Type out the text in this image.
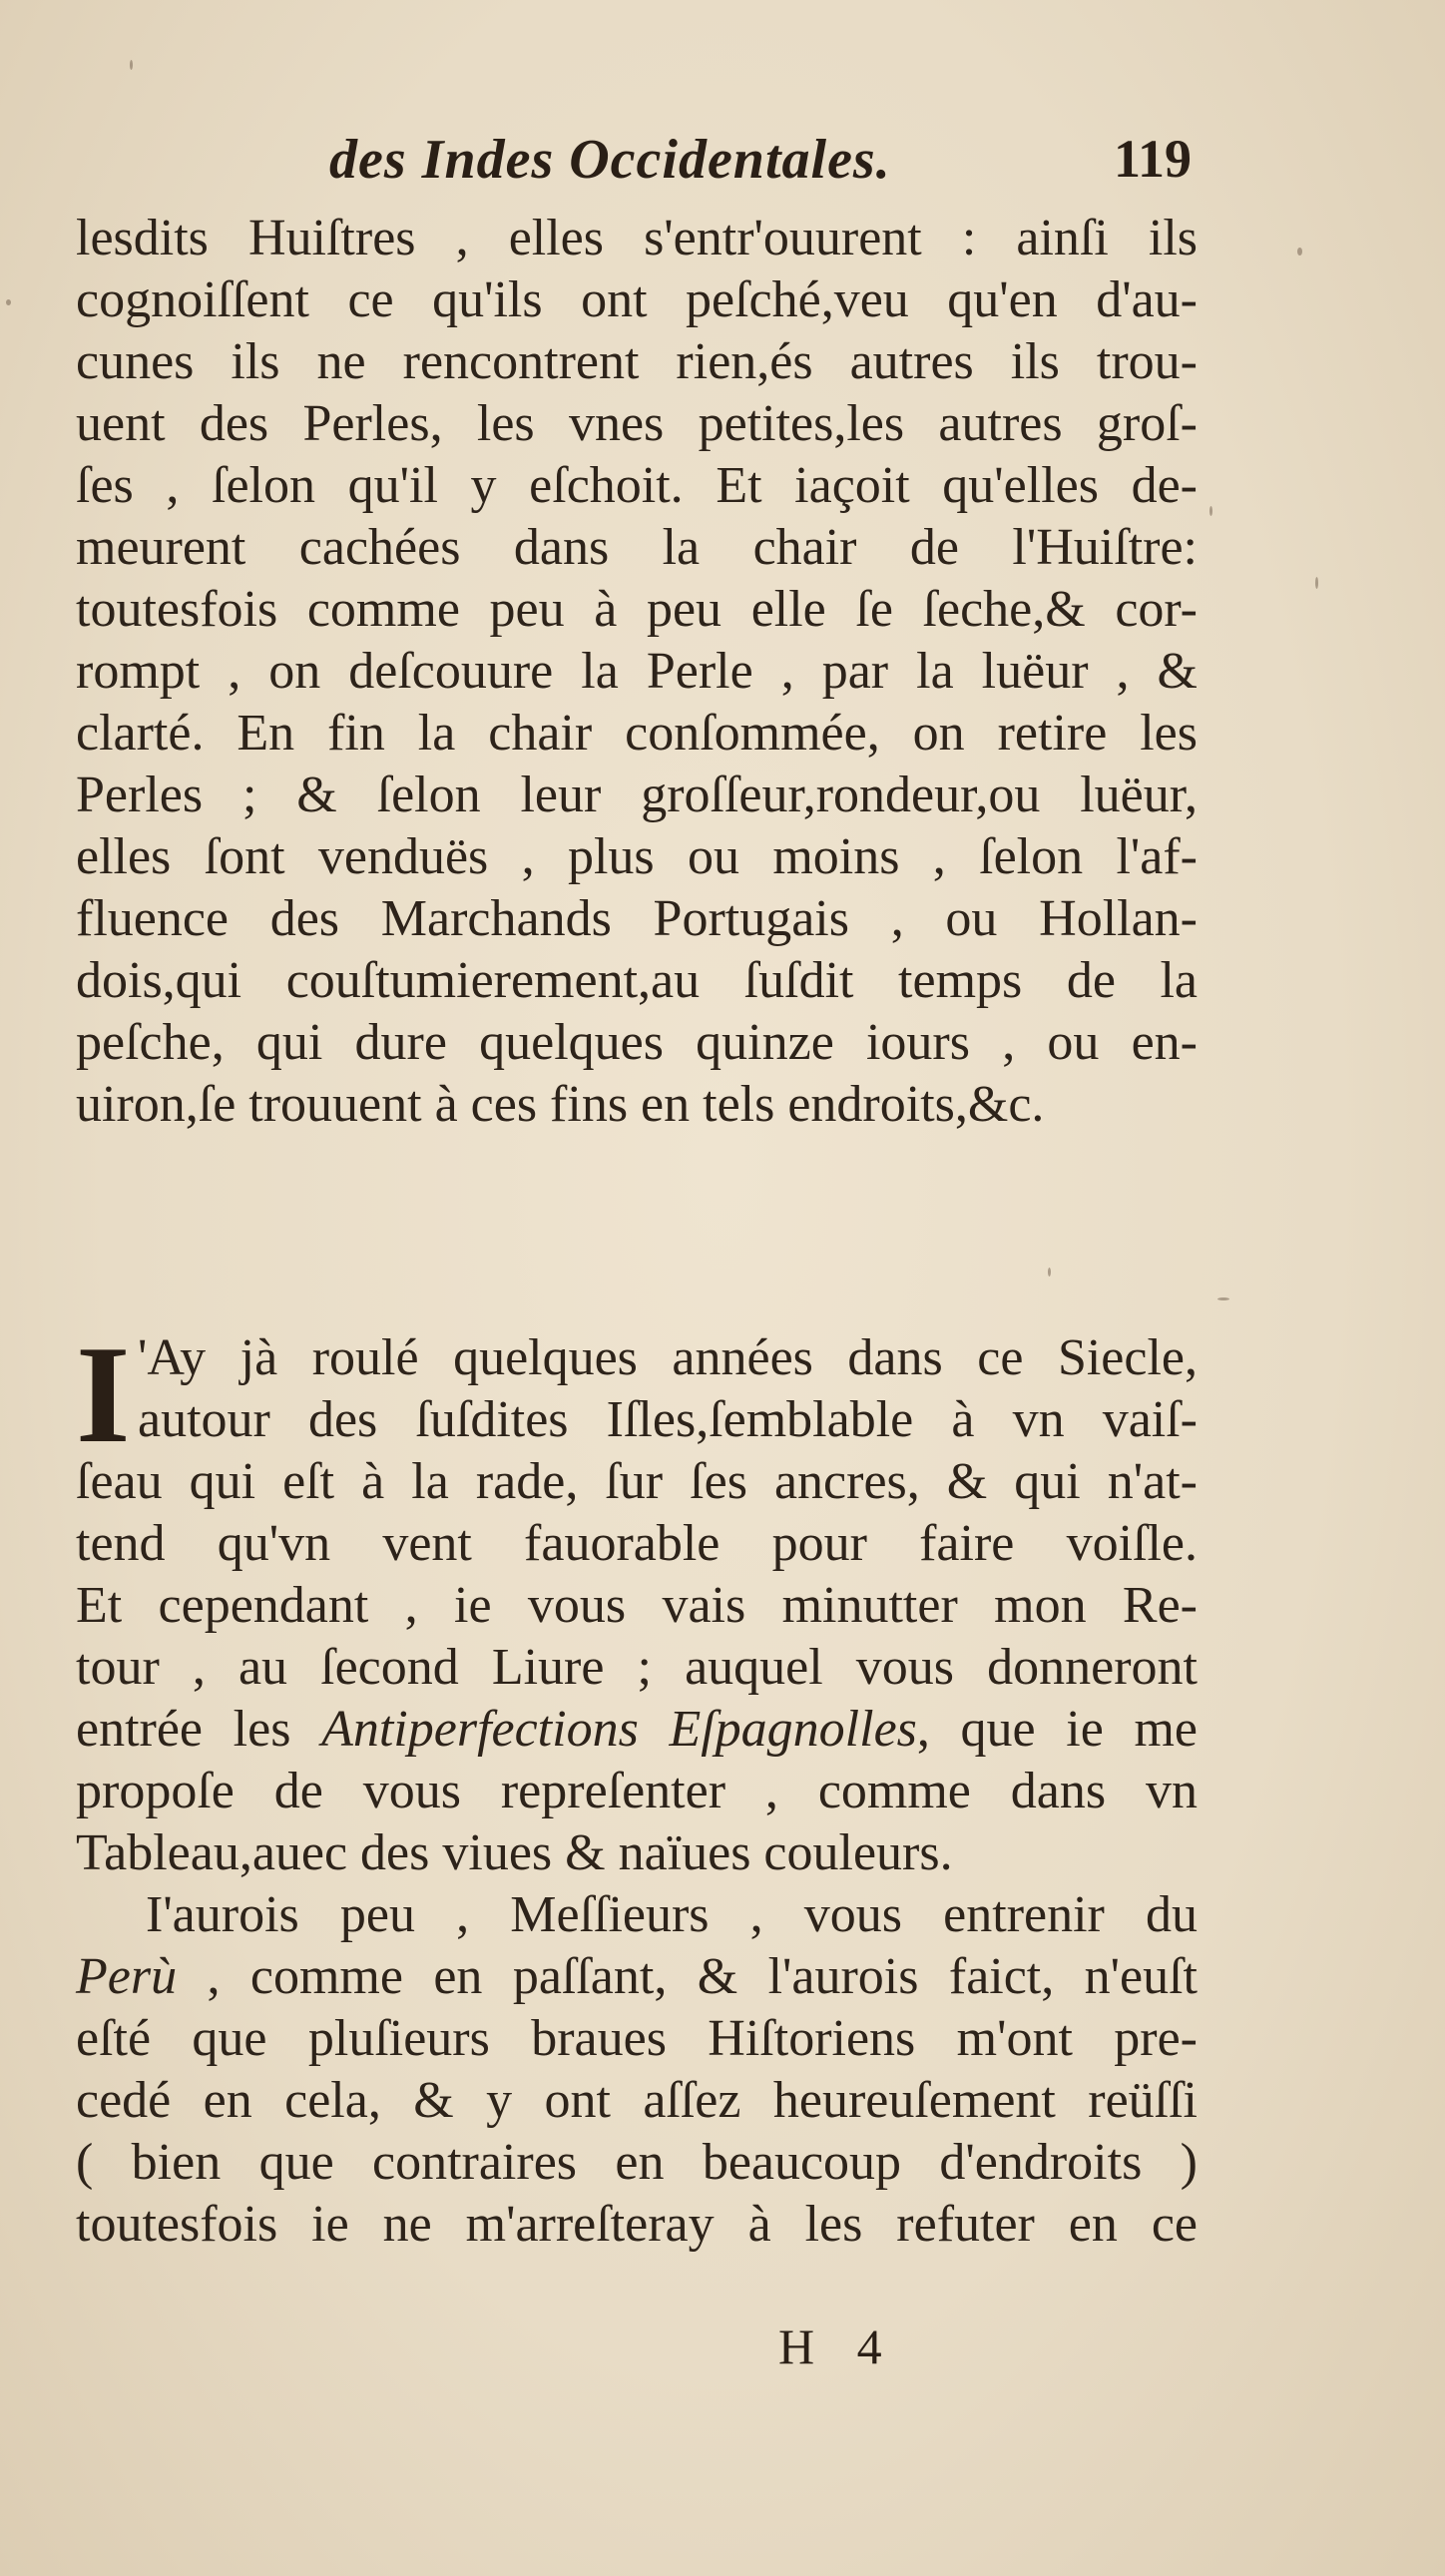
des Indes Occidentales.	119
lesdits Huiſtres , elles s'entr'ouurent : ainſi ils
cognoiſſent ce qu'ils ont peſché,veu qu'en d'au-
cunes ils ne rencontrent rien,és autres ils trou-
uent des Perles, les vnes petites,les autres groſ-
ſes , ſelon qu'il y eſchoit. Et iaçoit qu'elles de-
meurent cachées dans la chair de l'Huiſtre:
toutesfois comme peu à peu elle ſe ſeche,& cor-
rompt , on deſcouure la Perle , par la luëur , &
clarté. En fin la chair conſommée, on retire les
Perles ; & ſelon leur groſſeur,rondeur,ou luëur,
elles ſont venduës , plus ou moins , ſelon l'af-
fluence des Marchands Portugais , ou Hollan-
dois,qui couſtumierement,au ſuſdit temps de la
peſche, qui dure quelques quinze iours , ou en-
uiron,ſe trouuent à ces fins en tels endroits,&c.
I 'Ay jà roulé quelques années dans ce Siecle,
autour des ſuſdites Iſles,ſemblable à vn vaiſ-
ſeau qui eſt à la rade, ſur ſes ancres, & qui n'at-
tend qu'vn vent fauorable pour faire voiſle.
Et cependant , ie vous vais minutter mon Re-
tour , au ſecond Liure ; auquel vous donneront
entrée les Antiperfections Eſpagnolles, que ie me
propoſe de vous repreſenter , comme dans vn
Tableau,auec des viues & naïues couleurs.
I'aurois peu , Meſſieurs , vous entrenir du
Perù , comme en paſſant, & l'aurois faict, n'euſt
eſté que pluſieurs braues Hiſtoriens m'ont pre-
cedé en cela, & y ont aſſez heureuſement reüſſi
( bien que contraires en beaucoup d'endroits )
toutesfois ie ne m'arreſteray à les refuter en ce
H 4
